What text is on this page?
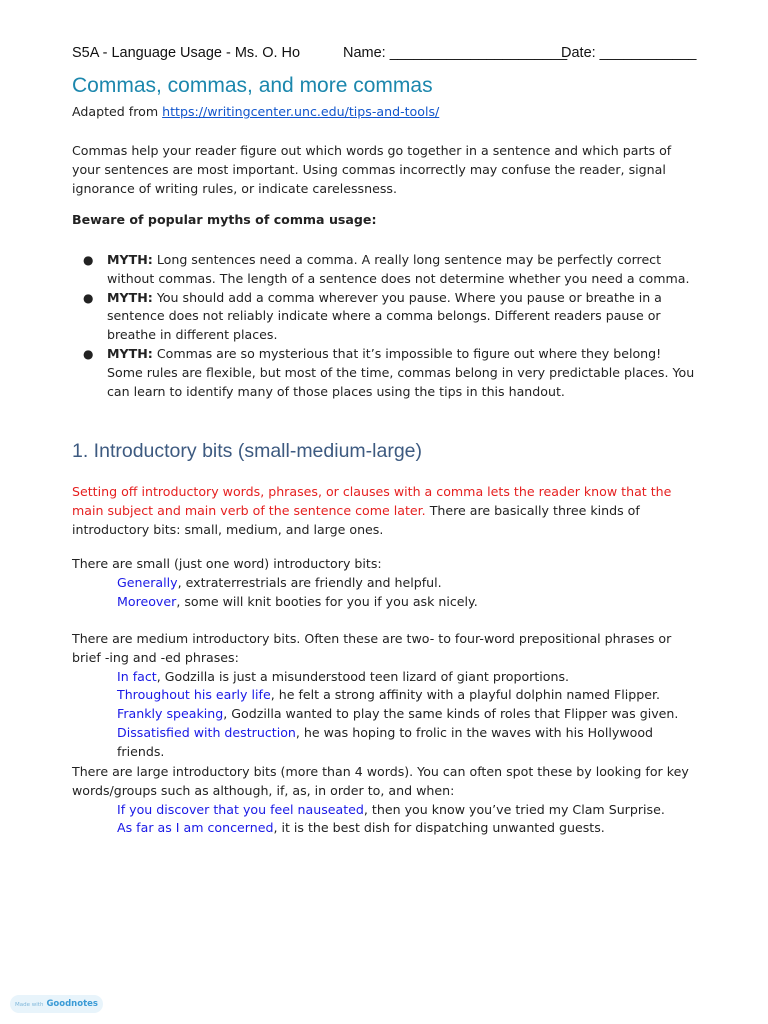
S5A - Language Usage - Ms. O. Ho	Name: ______________________
Date: ____________
Commas, commas, and more commas
Adapted from https://writingcenter.unc.edu/tips-and-tools/
Commas help your reader figure out which words go together in a sentence and which parts of your sentences are most important. Using commas incorrectly may confuse the reader, signal ignorance of writing rules, or indicate carelessness.
Beware of popular myths of comma usage:
● MYTH: Long sentences need a comma. A really long sentence may be perfectly correct without commas. The length of a sentence does not determine whether you need a comma.
● MYTH: You should add a comma wherever you pause. Where you pause or breathe in a sentence does not reliably indicate where a comma belongs. Different readers pause or breathe in different places.
● MYTH: Commas are so mysterious that it’s impossible to figure out where they belong! Some rules are flexible, but most of the time, commas belong in very predictable places. You can learn to identify many of those places using the tips in this handout.
1. Introductory bits (small-medium-large)
Setting off introductory words, phrases, or clauses with a comma lets the reader know that the main subject and main verb of the sentence come later. There are basically three kinds of introductory bits: small, medium, and large ones.
There are small (just one word) introductory bits:
Generally, extraterrestrials are friendly and helpful.
Moreover, some will knit booties for you if you ask nicely.
There are medium introductory bits. Often these are two- to four-word prepositional phrases or brief -ing and -ed phrases:
In fact, Godzilla is just a misunderstood teen lizard of giant proportions.
Throughout his early life, he felt a strong affinity with a playful dolphin named Flipper.
Frankly speaking, Godzilla wanted to play the same kinds of roles that Flipper was given.
Dissatisfied with destruction, he was hoping to frolic in the waves with his Hollywood friends.
There are large introductory bits (more than 4 words). You can often spot these by looking for key words/groups such as although, if, as, in order to, and when:
If you discover that you feel nauseated, then you know you’ve tried my Clam Surprise.
As far as I am concerned, it is the best dish for dispatching unwanted guests.
Made with Goodnotes
